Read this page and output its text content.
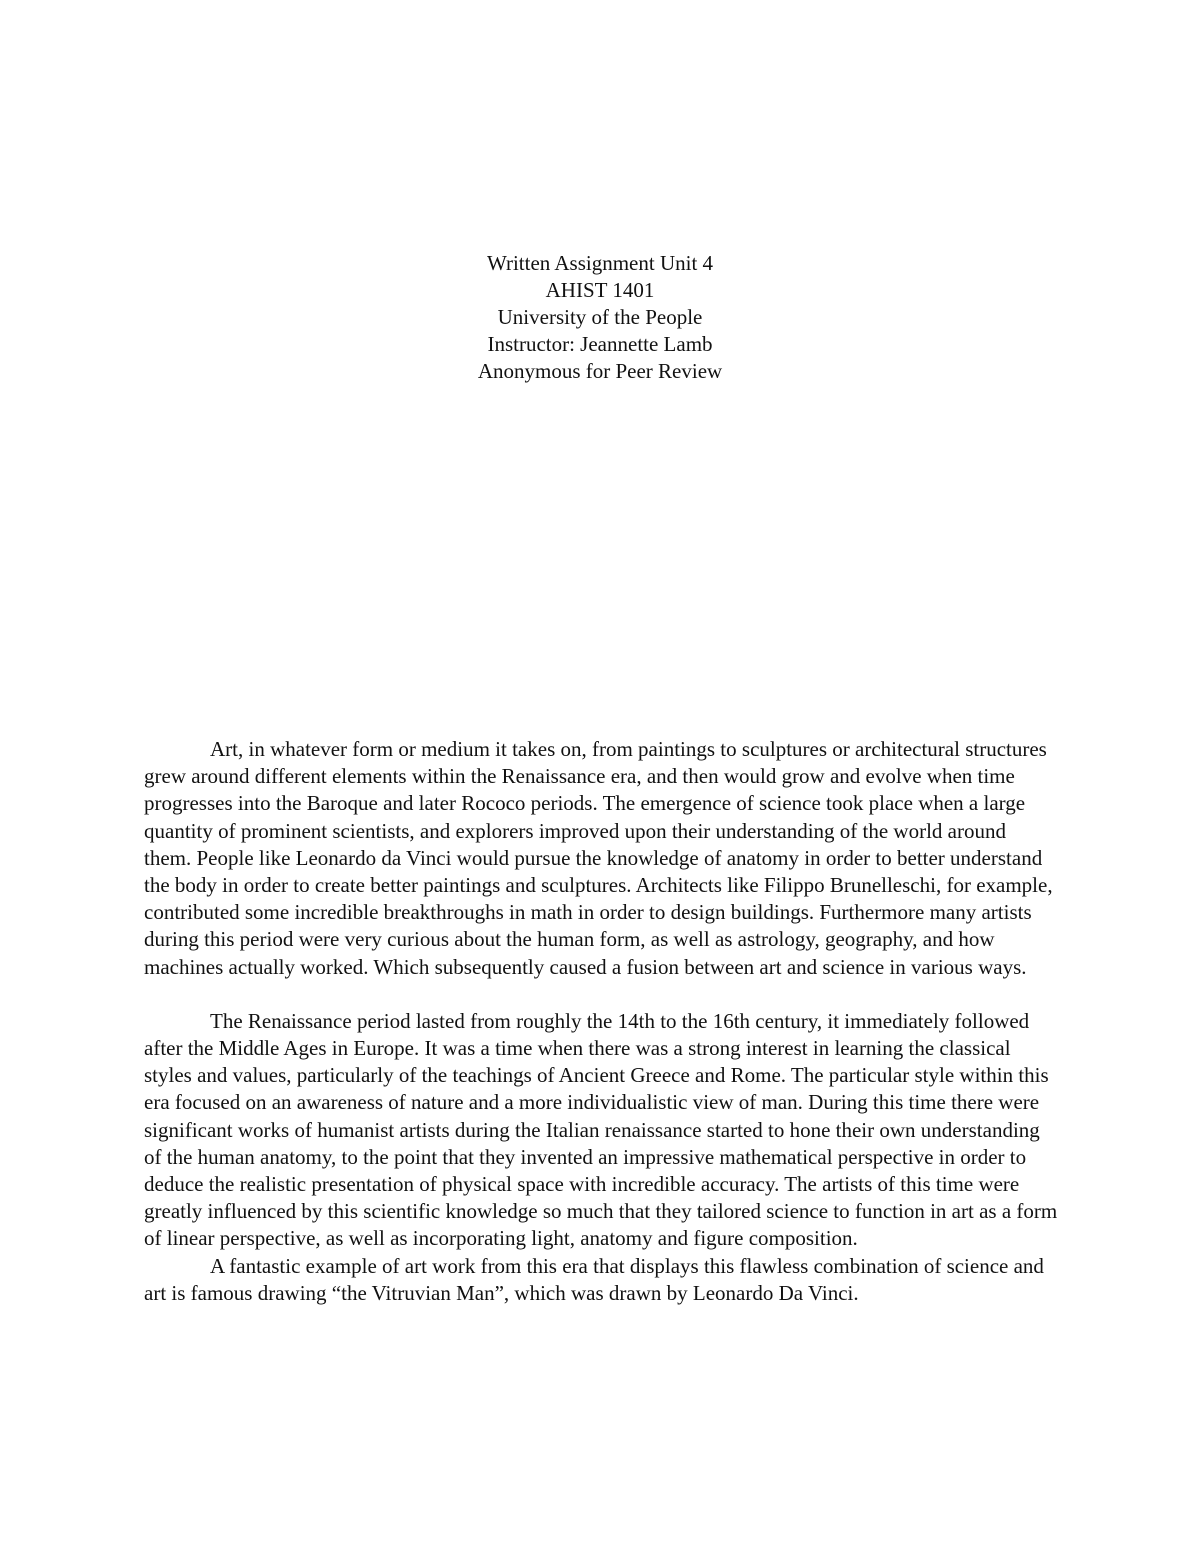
Written Assignment Unit 4
AHIST 1401
University of the People
Instructor: Jeannette Lamb
Anonymous for Peer Review

Art, in whatever form or medium it takes on, from paintings to sculptures or architectural structures grew around different elements within the Renaissance era, and then would grow and evolve when time progresses into the Baroque and later Rococo periods. The emergence of science took place when a large quantity of prominent scientists, and explorers improved upon their understanding of the world around them. People like Leonardo da Vinci would pursue the knowledge of anatomy in order to better understand the body in order to create better paintings and sculptures. Architects like Filippo Brunelleschi, for example, contributed some incredible breakthroughs in math in order to design buildings. Furthermore many artists during this period were very curious about the human form, as well as astrology, geography, and how machines actually worked. Which subsequently caused a fusion between art and science in various ways.

The Renaissance period lasted from roughly the 14th to the 16th century, it immediately followed after the Middle Ages in Europe. It was a time when there was a strong interest in learning the classical styles and values, particularly of the teachings of Ancient Greece and Rome. The particular style within this era focused on an awareness of nature and a more individualistic view of man. During this time there were significant works of humanist artists during the Italian renaissance started to hone their own understanding of the human anatomy, to the point that they invented an impressive mathematical perspective in order to deduce the realistic presentation of physical space with incredible accuracy. The artists of this time were greatly influenced by this scientific knowledge so much that they tailored science to function in art as a form of linear perspective, as well as incorporating light, anatomy and figure composition.

A fantastic example of art work from this era that displays this flawless combination of science and art is famous drawing “the Vitruvian Man”, which was drawn by Leonardo Da Vinci.
